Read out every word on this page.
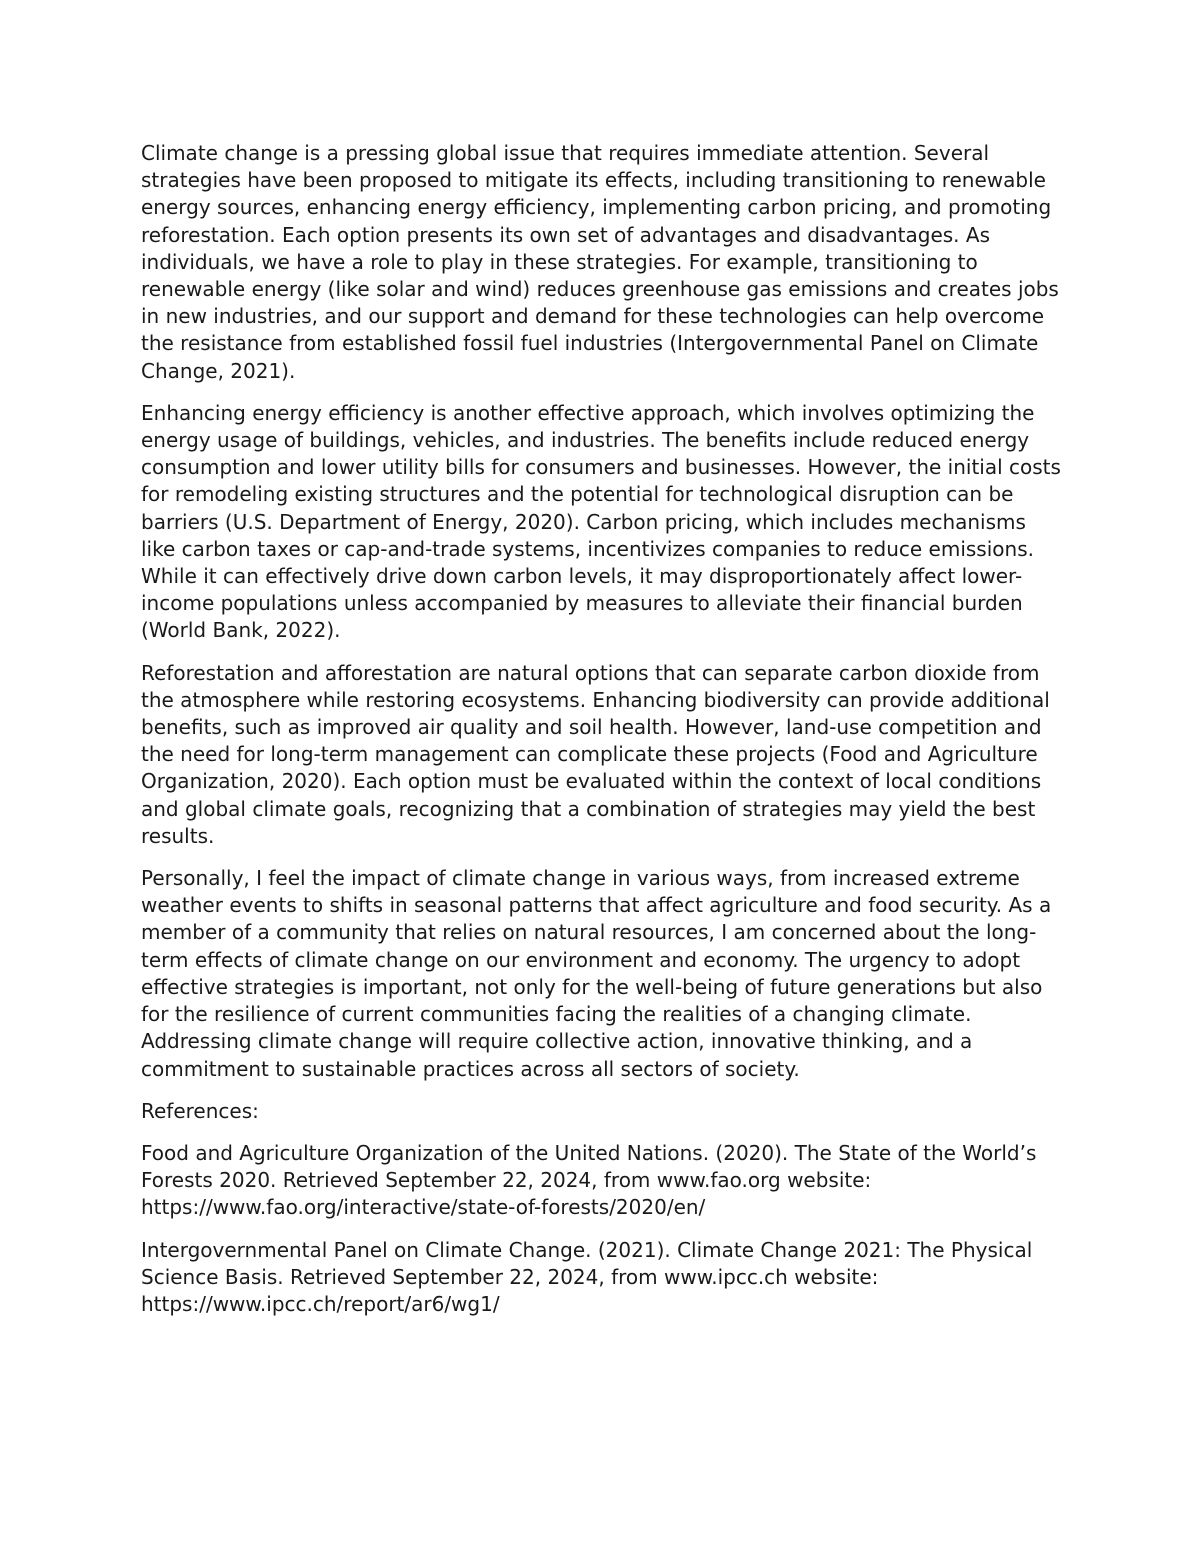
Climate change is a pressing global issue that requires immediate attention. Several strategies have been proposed to mitigate its effects, including transitioning to renewable energy sources, enhancing energy efficiency, implementing carbon pricing, and promoting reforestation. Each option presents its own set of advantages and disadvantages. As individuals, we have a role to play in these strategies. For example, transitioning to renewable energy (like solar and wind) reduces greenhouse gas emissions and creates jobs in new industries, and our support and demand for these technologies can help overcome the resistance from established fossil fuel industries (Intergovernmental Panel on Climate Change, 2021).

Enhancing energy efficiency is another effective approach, which involves optimizing the energy usage of buildings, vehicles, and industries. The benefits include reduced energy consumption and lower utility bills for consumers and businesses. However, the initial costs for remodeling existing structures and the potential for technological disruption can be barriers (U.S. Department of Energy, 2020). Carbon pricing, which includes mechanisms like carbon taxes or cap-and-trade systems, incentivizes companies to reduce emissions. While it can effectively drive down carbon levels, it may disproportionately affect lower-income populations unless accompanied by measures to alleviate their financial burden (World Bank, 2022).

Reforestation and afforestation are natural options that can separate carbon dioxide from the atmosphere while restoring ecosystems. Enhancing biodiversity can provide additional benefits, such as improved air quality and soil health. However, land-use competition and the need for long-term management can complicate these projects (Food and Agriculture Organization, 2020). Each option must be evaluated within the context of local conditions and global climate goals, recognizing that a combination of strategies may yield the best results.

Personally, I feel the impact of climate change in various ways, from increased extreme weather events to shifts in seasonal patterns that affect agriculture and food security. As a member of a community that relies on natural resources, I am concerned about the long-term effects of climate change on our environment and economy. The urgency to adopt effective strategies is important, not only for the well-being of future generations but also for the resilience of current communities facing the realities of a changing climate. Addressing climate change will require collective action, innovative thinking, and a commitment to sustainable practices across all sectors of society.

References:

Food and Agriculture Organization of the United Nations. (2020). The State of the World’s Forests 2020. Retrieved September 22, 2024, from www.fao.org website: https://www.fao.org/interactive/state-of-forests/2020/en/

Intergovernmental Panel on Climate Change. (2021). Climate Change 2021: The Physical Science Basis. Retrieved September 22, 2024, from www.ipcc.ch website: https://www.ipcc.ch/report/ar6/wg1/
